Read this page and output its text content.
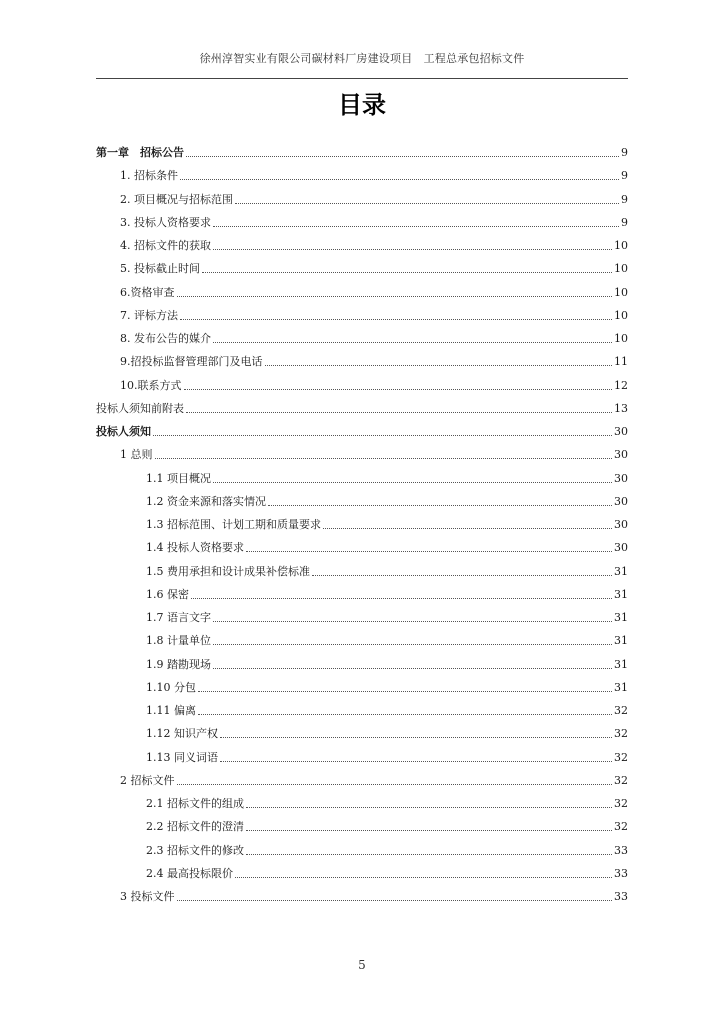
徐州淳智实业有限公司碳材料厂房建设项目　工程总承包招标文件
目录
第一章　招标公告	9
1. 招标条件	9
2. 项目概况与招标范围	9
3. 投标人资格要求	9
4. 招标文件的获取	10
5. 投标截止时间	10
6.资格审查	10
7. 评标方法	10
8. 发布公告的媒介	10
9.招投标监督管理部门及电话	11
10.联系方式	12
投标人须知前附表	13
投标人须知	30
1 总则	30
1.1 项目概况	30
1.2 资金来源和落实情况	30
1.3 招标范围、计划工期和质量要求	30
1.4 投标人资格要求	30
1.5 费用承担和设计成果补偿标准	31
1.6 保密	31
1.7 语言文字	31
1.8 计量单位	31
1.9 踏勘现场	31
1.10 分包	31
1.11 偏离	32
1.12 知识产权	32
1.13 同义词语	32
2 招标文件	32
2.1 招标文件的组成	32
2.2 招标文件的澄清	32
2.3 招标文件的修改	33
2.4 最高投标限价	33
3 投标文件	33
5
